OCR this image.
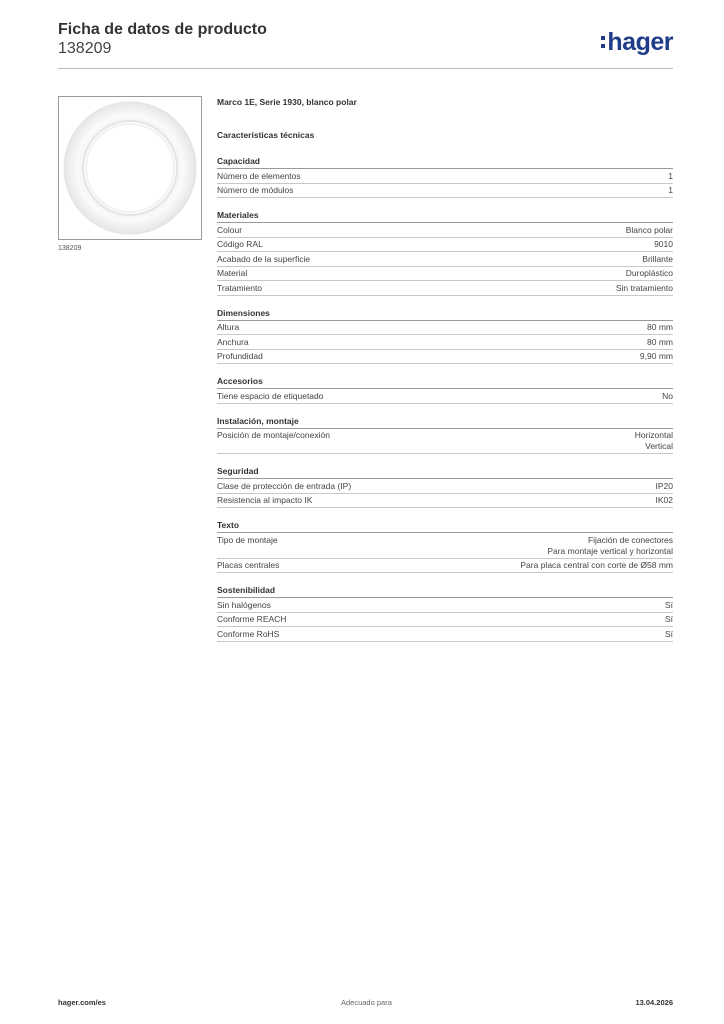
Ficha de datos de producto
138209	hager
138209
Marco 1E, Serie 1930, blanco polar
Características técnicas
Capacidad
Número de elementos	1
Número de módulos	1
Materiales
Colour	Blanco polar
Código RAL	9010
Acabado de la superficie	Brillante
Material	Duroplástico
Tratamiento	Sin tratamiento
Dimensiones
Altura	80 mm
Anchura	80 mm
Profundidad	9,90 mm
Accesorios
Tiene espacio de etiquetado	No
Instalación, montaje
Posición de montaje/conexión	Horizontal
Vertical
Seguridad
Clase de protección de entrada (IP)	IP20
Resistencia al impacto IK	IK02
Texto
Tipo de montaje	Fijación de conectores
Para montaje vertical y horizontal
Placas centrales	Para placa central con corte de Ø58 mm
Sostenibilidad
Sin halógenos	Sí
Conforme REACH	Sí
Conforme RoHS	Sí
hager.com/es	Adecuado para	13.04.2026
